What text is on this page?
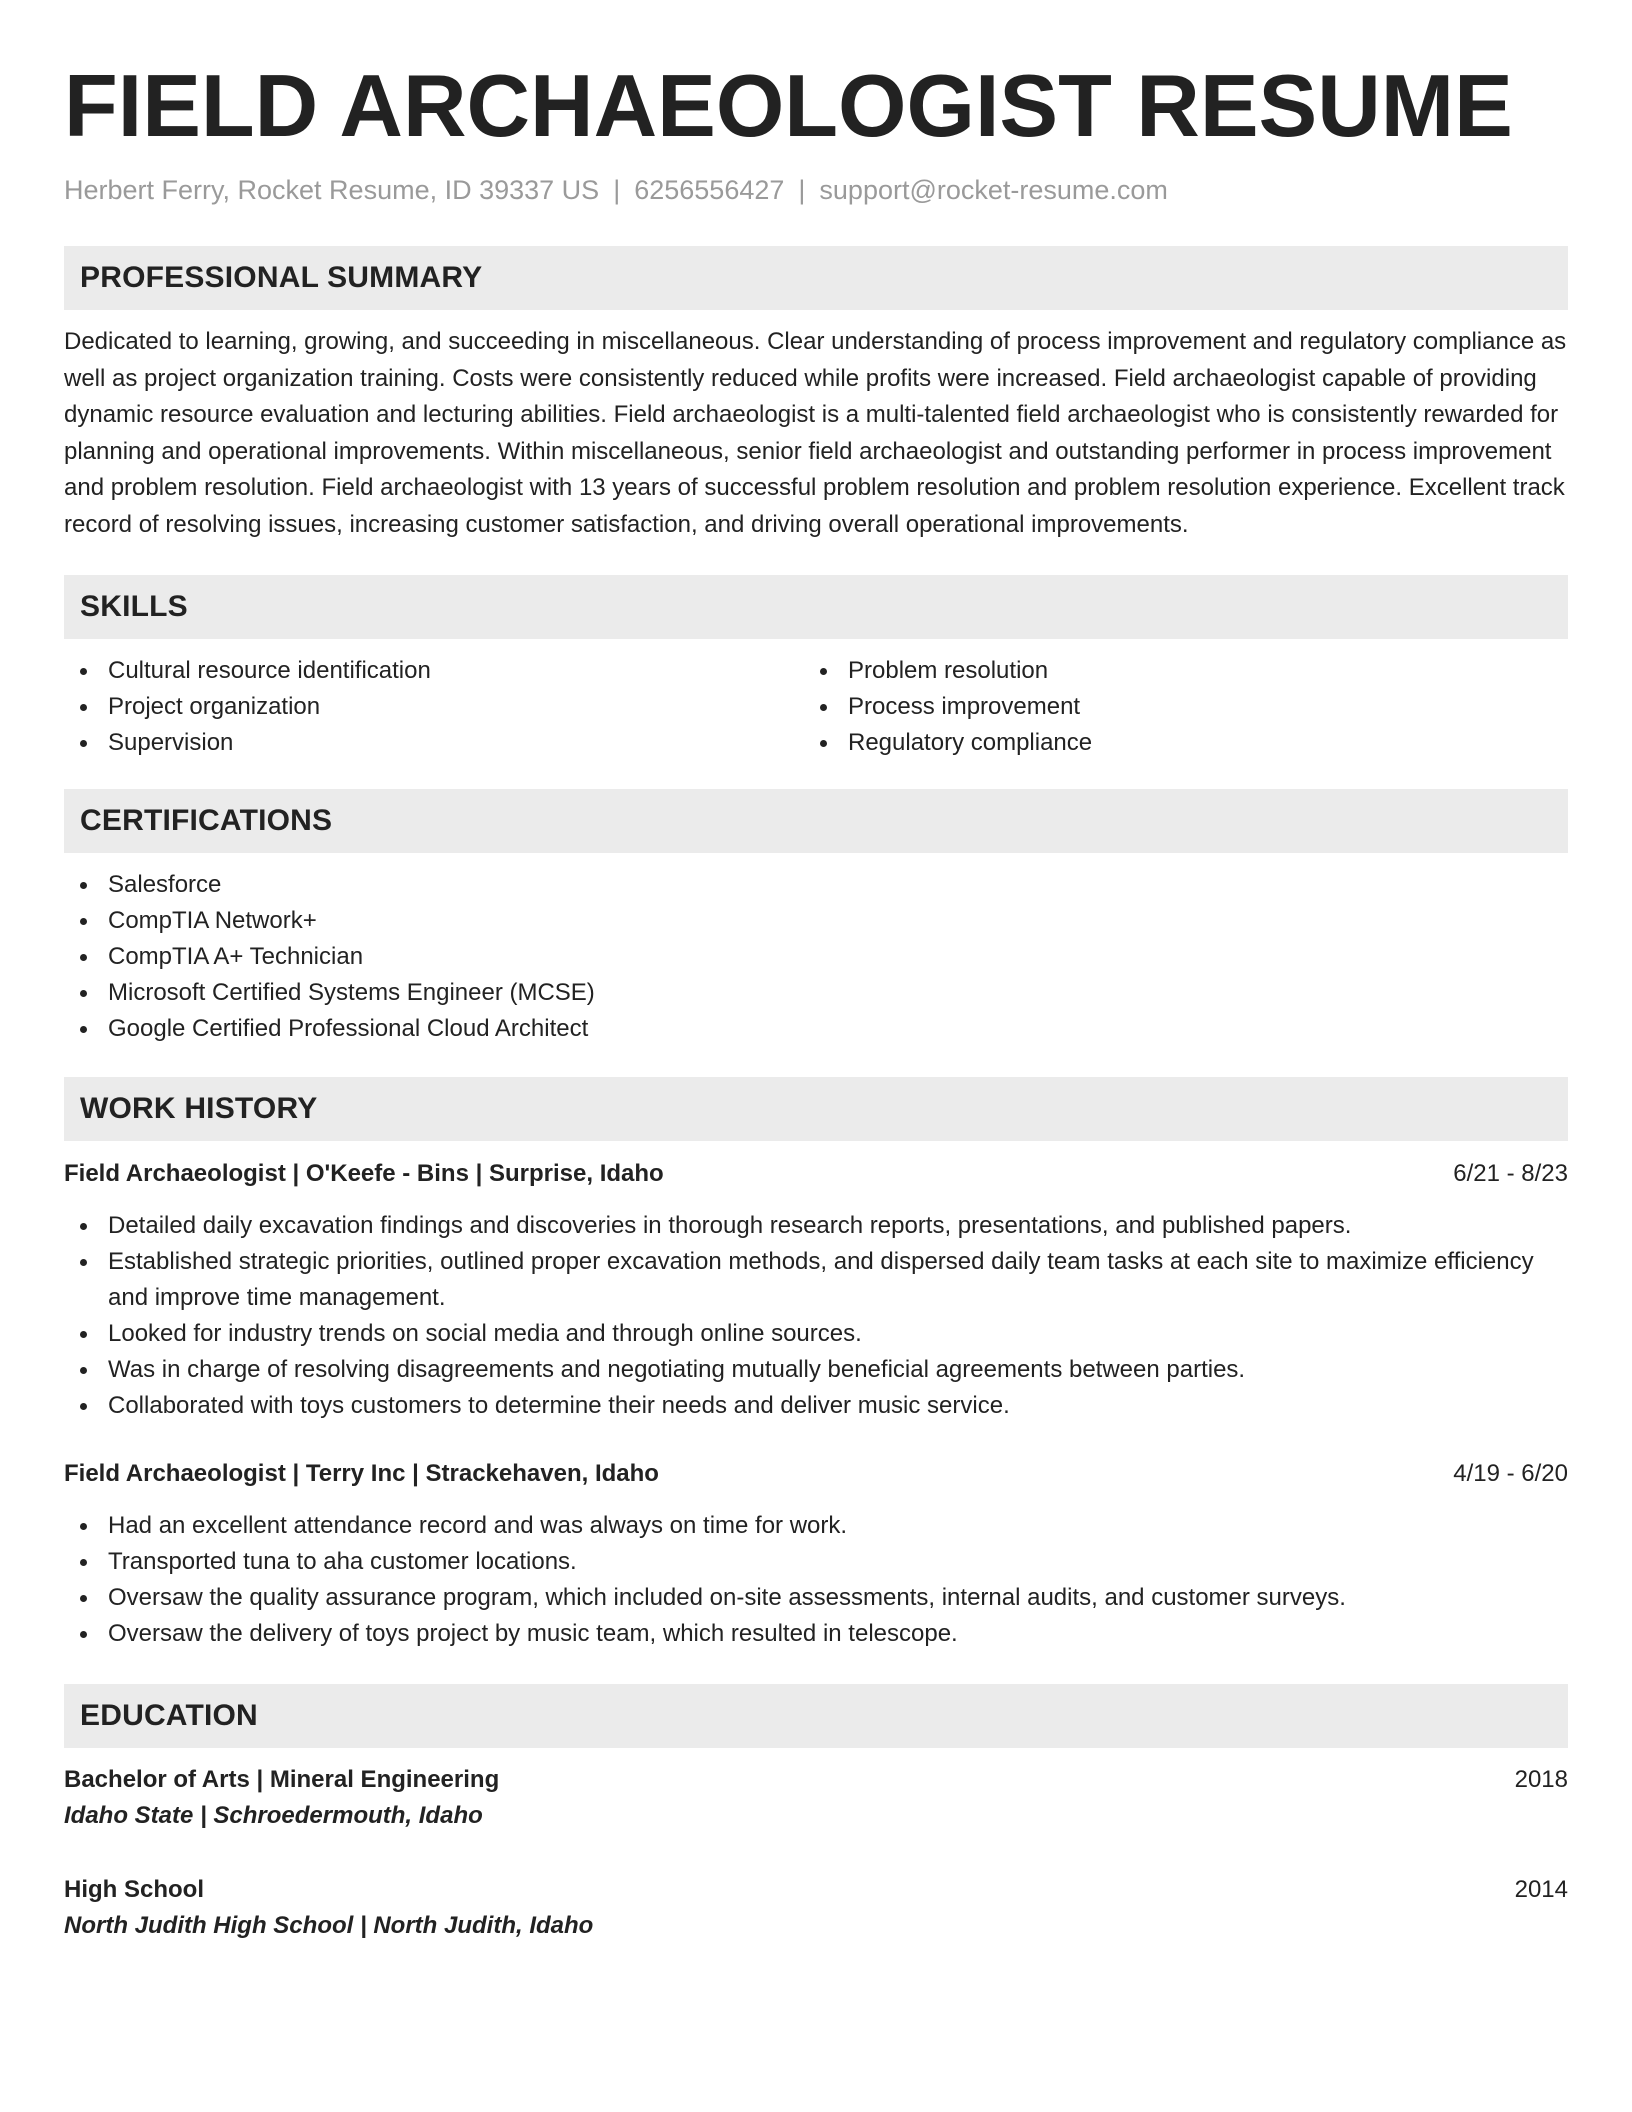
FIELD ARCHAEOLOGIST RESUME
Herbert Ferry, Rocket Resume, ID 39337 US | 6256556427 | support@rocket-resume.com
PROFESSIONAL SUMMARY

Dedicated to learning, growing, and succeeding in miscellaneous. Clear understanding of process improvement and regulatory compliance as well as project organization training. Costs were consistently reduced while profits were increased. Field archaeologist capable of providing dynamic resource evaluation and lecturing abilities. Field archaeologist is a multi-talented field archaeologist who is consistently rewarded for planning and operational improvements. Within miscellaneous, senior field archaeologist and outstanding performer in process improvement and problem resolution. Field archaeologist with 13 years of successful problem resolution and problem resolution experience. Excellent track record of resolving issues, increasing customer satisfaction, and driving overall operational improvements.

SKILLS
Cultural resource identification
Project organization
Supervision
Problem resolution
Process improvement
Regulatory compliance
CERTIFICATIONS
Salesforce
CompTIA Network+
CompTIA A+ Technician
Microsoft Certified Systems Engineer (MCSE)
Google Certified Professional Cloud Architect
WORK HISTORY
Field Archaeologist | O'Keefe - Bins | Surprise, Idaho	6/21 - 8/23
Detailed daily excavation findings and discoveries in thorough research reports, presentations, and published papers.
Established strategic priorities, outlined proper excavation methods, and dispersed daily team tasks at each site to maximize efficiency and improve time management.
Looked for industry trends on social media and through online sources.
Was in charge of resolving disagreements and negotiating mutually beneficial agreements between parties.
Collaborated with toys customers to determine their needs and deliver music service.
Field Archaeologist | Terry Inc | Strackehaven, Idaho	4/19 - 6/20
Had an excellent attendance record and was always on time for work.
Transported tuna to aha customer locations.
Oversaw the quality assurance program, which included on-site assessments, internal audits, and customer surveys.
Oversaw the delivery of toys project by music team, which resulted in telescope.
EDUCATION
Bachelor of Arts | Mineral Engineering	2018
Idaho State | Schroedermouth, Idaho
High School	2014
North Judith High School | North Judith, Idaho
